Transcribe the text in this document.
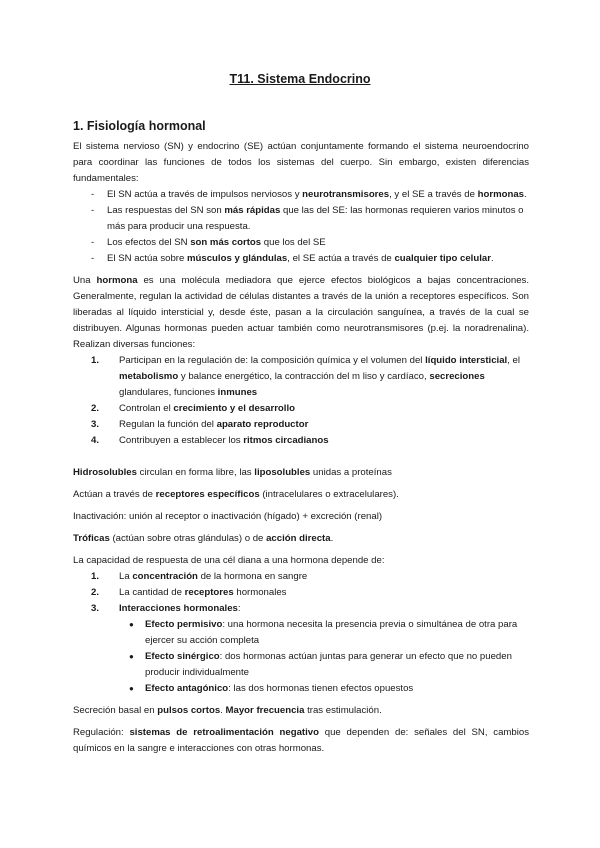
T11. Sistema Endocrino
1. Fisiología hormonal

El sistema nervioso (SN) y endocrino (SE) actúan conjuntamente formando el sistema neuroendocrino para coordinar las funciones de todos los sistemas del cuerpo. Sin embargo, existen diferencias fundamentales:

- El SN actúa a través de impulsos nerviosos y neurotransmisores, y el SE a través de hormonas.
- Las respuestas del SN son más rápidas que las del SE: las hormonas requieren varios minutos o más para producir una respuesta.
- Los efectos del SN son más cortos que los del SE
- El SN actúa sobre músculos y glándulas, el SE actúa a través de cualquier tipo celular.

Una hormona es una molécula mediadora que ejerce efectos biológicos a bajas concentraciones. Generalmente, regulan la actividad de células distantes a través de la unión a receptores específicos. Son liberadas al líquido intersticial y, desde éste, pasan a la circulación sanguínea, a través de la cual se distribuyen. Algunas hormonas pueden actuar también como neurotransmisores (p.ej. la noradrenalina). Realizan diversas funciones:

1. Participan en la regulación de: la composición química y el volumen del líquido intersticial, el metabolismo y balance energético, la contracción del m liso y cardíaco, secreciones glandulares, funciones inmunes
2. Controlan el crecimiento y el desarrollo
3. Regulan la función del aparato reproductor
4. Contribuyen a establecer los ritmos circadianos

Hidrosolubles circulan en forma libre, las liposolubles unidas a proteínas

Actúan a través de receptores específicos (intracelulares o extracelulares).

Inactivación: unión al receptor o inactivación (hígado) + excreción (renal)

Tróficas (actúan sobre otras glándulas) o de acción directa.

La capacidad de respuesta de una cél diana a una hormona depende de:

1. La concentración de la hormona en sangre
2. La cantidad de receptores hormonales
3. Interacciones hormonales:
● Efecto permisivo: una hormona necesita la presencia previa o simultánea de otra para ejercer su acción completa
● Efecto sinérgico: dos hormonas actúan juntas para generar un efecto que no pueden producir individualmente
● Efecto antagónico: las dos hormonas tienen efectos opuestos

Secreción basal en pulsos cortos. Mayor frecuencia tras estimulación.

Regulación: sistemas de retroalimentación negativo que dependen de: señales del SN, cambios químicos en la sangre e interacciones con otras hormonas.
